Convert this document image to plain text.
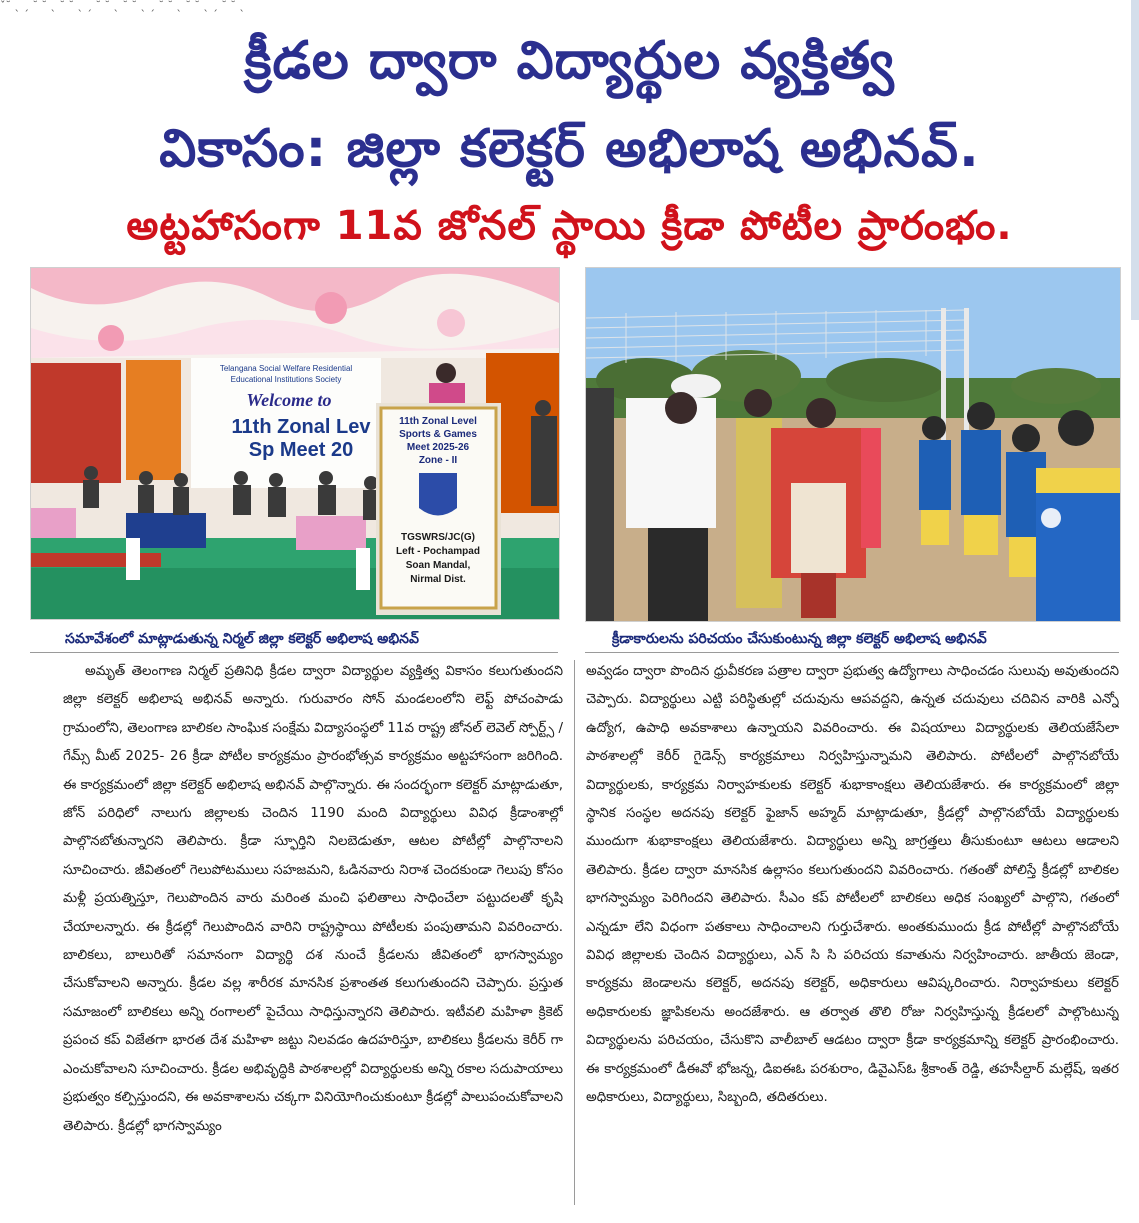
ˇ˘ ˎ ˏ ˘ ˘ ˎ ˘ ˘ ˎ ˏ ˘ ˘ ˎ ˘ ˘ ˎ ˏ ˘ ˘ ˎ ˘ ˘ ˎ ˏ ˘ ˘ ˎ
క్రీడల ద్వారా విద్యార్థుల వ్యక్తిత్వ
వికాసం: జిల్లా కలెక్టర్ అభిలాష అభినవ్.
అట్టహాసంగా 11వ జోనల్ స్థాయి క్రీడా పోటీల ప్రారంభం.
Telangana Social Welfare Residential
Educational Institutions Society
Welcome to
11th Zonal Lev
Sp Meet 20
11th Zonal Level
Sports & Games
Meet 2025-26
Zone - II
TGSWRS/JC(G)
Left - Pochampad
Soan Mandal,
Nirmal Dist.
సమావేశంలో మాట్లాడుతున్న నిర్మల్ జిల్లా కలెక్టర్ అభిలాష అభినవ్	క్రీడాకారులను పరిచయం చేసుకుంటున్న జిల్లా కలెక్టర్ అభిలాష అభినవ్
అమృత్ తెలంగాణ నిర్మల్ ప్రతినిధి క్రీడల ద్వారా విద్యార్థుల వ్యక్తిత్వ వికాసం కలుగుతుందని జిల్లా కలెక్టర్ అభిలాష అభినవ్ అన్నారు. గురువారం సోన్ మండలంలోని లెఫ్ట్ పోచంపాడు గ్రామంలోని, తెలంగాణ బాలికల సాంఘిక సంక్షేమ విద్యాసంస్థలో 11వ రాష్ట్ర జోనల్ లెవెల్ స్పోర్ట్స్ / గేమ్స్ మీట్ 2025- 26 క్రీడా పోటీల కార్యక్రమం ప్రారంభోత్సవ కార్యక్రమం అట్టహాసంగా జరిగింది. ఈ కార్యక్రమంలో జిల్లా కలెక్టర్ అభిలాష అభినవ్ పాల్గొన్నారు. ఈ సందర్భంగా కలెక్టర్ మాట్లాడుతూ, జోన్ పరిధిలో నాలుగు జిల్లాలకు చెందిన 1190 మంది విద్యార్థులు వివిధ క్రీడాంశాల్లో పాల్గొనబోతున్నారని తెలిపారు. క్రీడా స్ఫూర్తిని నిలబెడుతూ, ఆటల పోటీల్లో పాల్గొనాలని సూచించారు. జీవితంలో గెలుపోటములు సహజమని, ఓడినవారు నిరాశ చెందకుండా గెలుపు కోసం మళ్లీ ప్రయత్నిస్తూ, గెలుపొందిన వారు మరింత మంచి ఫలితాలు సాధించేలా పట్టుదలతో కృషి చేయాలన్నారు. ఈ క్రీడల్లో గెలుపొందిన వారిని రాష్ట్రస్థాయి పోటీలకు పంపుతామని వివరించారు. బాలికలు, బాలురితో సమానంగా విద్యార్థి దశ నుంచే క్రీడలను జీవితంలో భాగస్వామ్యం చేసుకోవాలని అన్నారు. క్రీడల వల్ల శారీరక మానసిక ప్రశాంతత కలుగుతుందని చెప్పారు. ప్రస్తుత సమాజంలో బాలికలు అన్ని రంగాలలో పైచేయి సాధిస్తున్నారని తెలిపారు. ఇటీవలి మహిళా క్రికెట్ ప్రపంచ కప్ విజేతగా భారత దేశ మహిళా జట్టు నిలవడం ఉదహరిస్తూ, బాలికలు క్రీడలను కెరీర్ గా ఎంచుకోవాలని సూచించారు. క్రీడల అభివృద్ధికి పాఠశాలల్లో విద్యార్థులకు అన్ని రకాల సదుపాయాలు ప్రభుత్వం కల్పిస్తుందని, ఈ అవకాశాలను చక్కగా వినియోగించుకుంటూ క్రీడల్లో పాలుపంచుకోవాలని తెలిపారు. క్రీడల్లో భాగస్వామ్యం
అవ్వడం ద్వారా పొందిన ధ్రువీకరణ పత్రాల ద్వారా ప్రభుత్వ ఉద్యోగాలు సాధించడం సులువు అవుతుందని చెప్పారు. విద్యార్థులు ఎట్టి పరిస్థితుల్లో చదువును ఆపవద్దని, ఉన్నత చదువులు చదివిన వారికి ఎన్నో ఉద్యోగ, ఉపాధి అవకాశాలు ఉన్నాయని వివరించారు. ఈ విషయాలు విద్యార్థులకు తెలియజేసేలా పాఠశాలల్లో కెరీర్ గైడెన్స్ కార్యక్రమాలు నిర్వహిస్తున్నామని తెలిపారు. పోటీలలో పాల్గొనబోయే విద్యార్థులకు, కార్యక్రమ నిర్వాహకులకు కలెక్టర్ శుభాకాంక్షలు తెలియజేశారు. ఈ కార్యక్రమంలో జిల్లా స్థానిక సంస్థల అదనపు కలెక్టర్ ఫైజాన్ అహ్మద్ మాట్లాడుతూ, క్రీడల్లో పాల్గొనబోయే విద్యార్థులకు ముందుగా శుభాకాంక్షలు తెలియజేశారు. విద్యార్థులు అన్ని జాగ్రత్తలు తీసుకుంటూ ఆటలు ఆడాలని తెలిపారు. క్రీడల ద్వారా మానసిక ఉల్లాసం కలుగుతుందని వివరించారు. గతంతో పోలిస్తే క్రీడల్లో బాలికల భాగస్వామ్యం పెరిగిందని తెలిపారు. సీఎం కప్ పోటీలలో బాలికలు అధిక సంఖ్యలో పాల్గొని, గతంలో ఎన్నడూ లేని విధంగా పతకాలు సాధించాలని గుర్తుచేశారు. అంతకుముందు క్రీడ పోటీల్లో పాల్గొనబోయే వివిధ జిల్లాలకు చెందిన విద్యార్థులు, ఎన్ సి సి పరిచయ కవాతును నిర్వహించారు. జాతీయ జెండా, కార్యక్రమ జెండాలను కలెక్టర్, అదనపు కలెక్టర్, అధికారులు ఆవిష్కరించారు. నిర్వాహకులు కలెక్టర్ అధికారులకు జ్ఞాపికలను అందజేశారు. ఆ తర్వాత తొలి రోజు నిర్వహిస్తున్న క్రీడలలో పాల్గొంటున్న విద్యార్థులను పరిచయం, చేసుకొని వాలీబాల్ ఆడటం ద్వారా క్రీడా కార్యక్రమాన్ని కలెక్టర్ ప్రారంభించారు. ఈ కార్యక్రమంలో డీఈవో భోజన్న, డిఐఈఓ పరశురాం, డివైఎస్ఓ శ్రీకాంత్ రెడ్డి, తహసీల్దార్ మల్లేష్, ఇతర అధికారులు, విద్యార్థులు, సిబ్బంది, తదితరులు.
